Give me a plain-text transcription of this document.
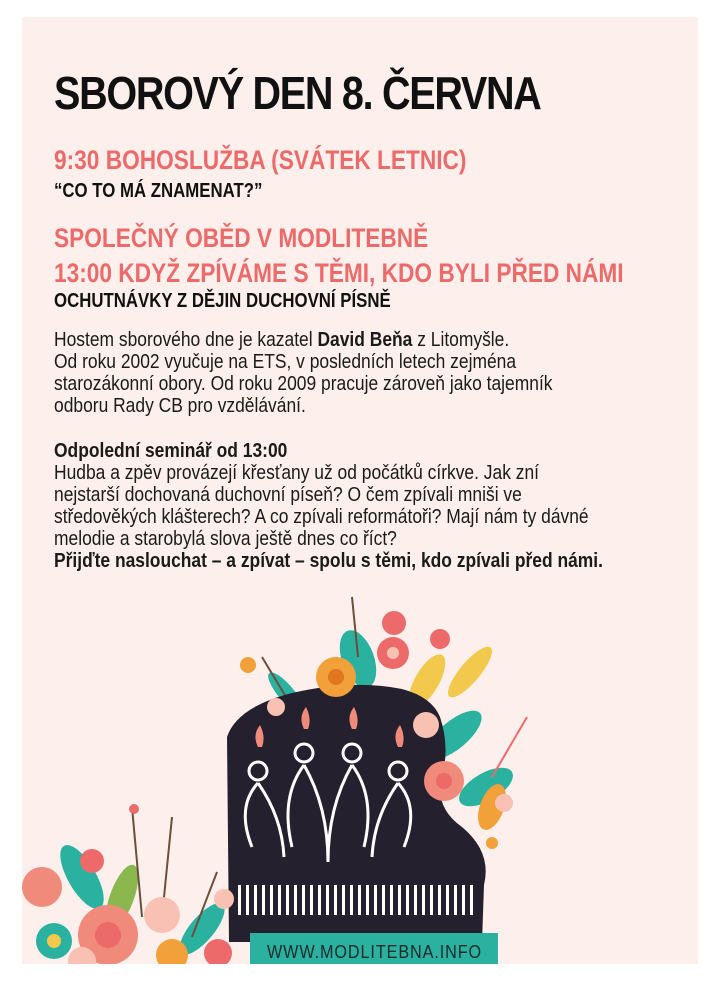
SBOROVÝ DEN 8. ČERVNA

9:30 BOHOSLUŽBA (SVÁTEK LETNIC)

“CO TO MÁ ZNAMENAT?”

SPOLEČNÝ OBĚD V MODLITEBNĚ

13:00 KDYŽ ZPÍVÁME S TĚMI, KDO BYLI PŘED NÁMI

OCHUTNÁVKY Z DĚJIN DUCHOVNÍ PÍSNĚ

Hostem sborového dne je kazatel David Beňa z Litomyšle.
Od roku 2002 vyučuje na ETS, v posledních letech zejména
starozákonní obory. Od roku 2009 pracuje zároveň jako tajemník
odboru Rady CB pro vzdělávání.
Odpolední seminář od 13:00
Hudba a zpěv provázejí křesťany už od počátků církve. Jak zní
nejstarší dochovaná duchovní píseň? O čem zpívali mniši ve
středověkých klášterech? A co zpívali reformátoři? Mají nám ty dávné
melodie a starobylá slova ještě dnes co říct?
Přijďte naslouchat – a zpívat – spolu s těmi, kdo zpívali před námi.
WWW.MODLITEBNA.INFO
